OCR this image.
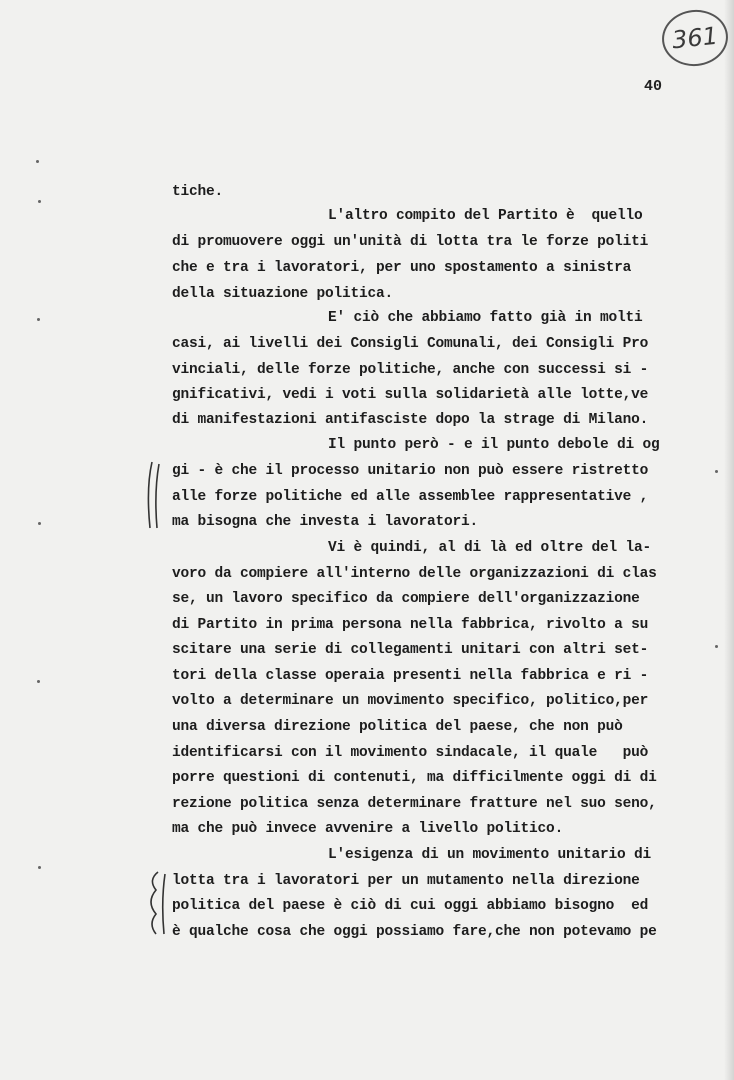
361
40
tiche.
L'altro compito del Partito è  quello
di promuovere oggi un'unità di lotta tra le forze politi
che e tra i lavoratori, per uno spostamento a sinistra
della situazione politica.
E' ciò che abbiamo fatto già in molti
casi, ai livelli dei Consigli Comunali, dei Consigli Pro
vinciali, delle forze politiche, anche con successi si -
gnificativi, vedi i voti sulla solidarietà alle lotte,ve
di manifestazioni antifasciste dopo la strage di Milano.
Il punto però - e il punto debole di og
gi - è che il processo unitario non può essere ristretto
alle forze politiche ed alle assemblee rappresentative ,
ma bisogna che investa i lavoratori.
Vi è quindi, al di là ed oltre del la-
voro da compiere all'interno delle organizzazioni di clas
se, un lavoro specifico da compiere dell'organizzazione
di Partito in prima persona nella fabbrica, rivolto a su
scitare una serie di collegamenti unitari con altri set-
tori della classe operaia presenti nella fabbrica e ri -
volto a determinare un movimento specifico, politico,per
una diversa direzione politica del paese, che non può
identificarsi con il movimento sindacale, il quale   può
porre questioni di contenuti, ma difficilmente oggi di di
rezione politica senza determinare fratture nel suo seno,
ma che può invece avvenire a livello politico.
L'esigenza di un movimento unitario di
lotta tra i lavoratori per un mutamento nella direzione
politica del paese è ciò di cui oggi abbiamo bisogno  ed
è qualche cosa che oggi possiamo fare,che non potevamo pe
